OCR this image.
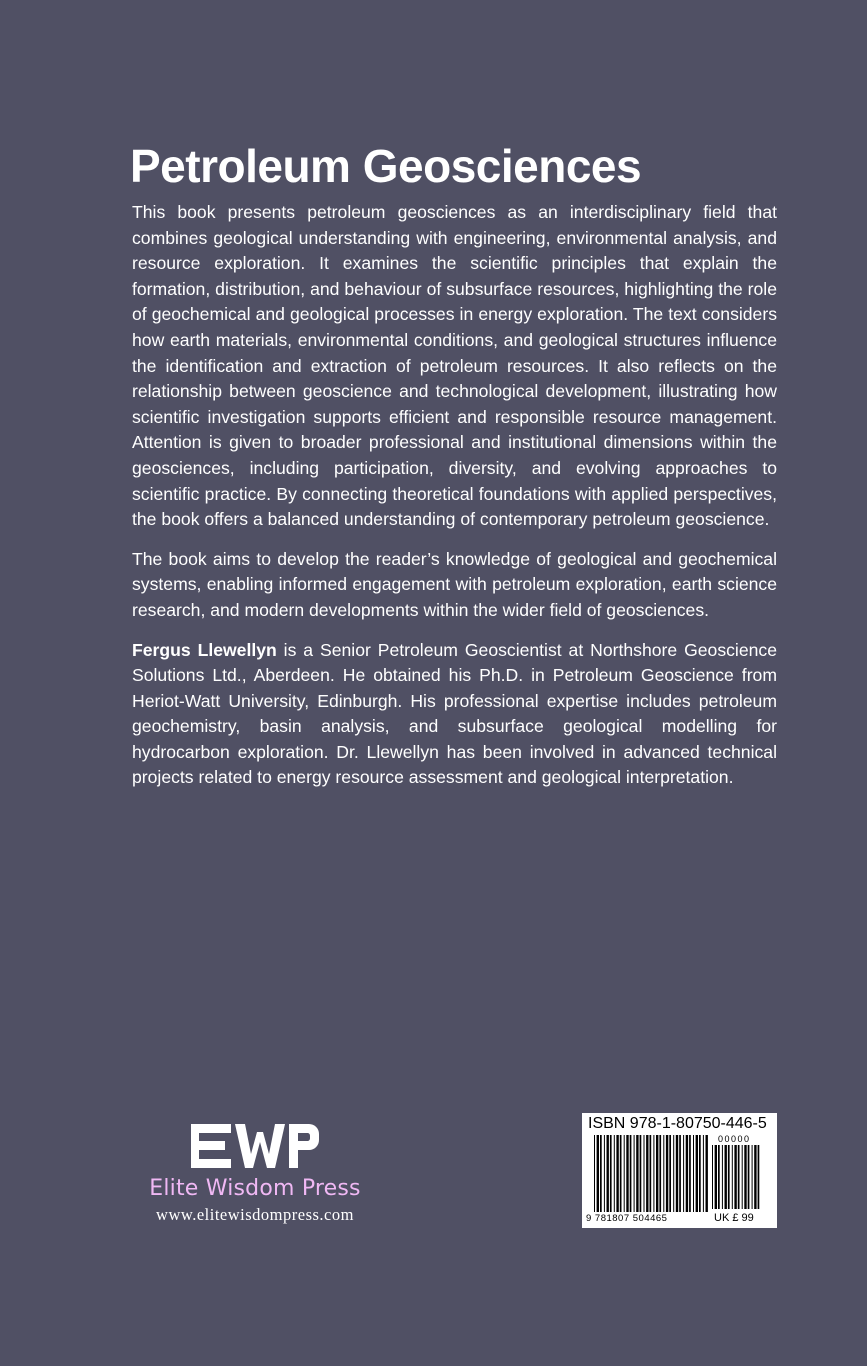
Petroleum Geosciences

This book presents petroleum geosciences as an interdisciplinary field that combines geological understanding with engineering, environmental analysis, and resource exploration. It examines the scientific principles that explain the formation, distribution, and behaviour of subsurface resources, highlighting the role of geochemical and geological processes in energy exploration. The text considers how earth materials, environmental conditions, and geological structures influence the identification and extraction of petroleum resources. It also reflects on the relationship between geoscience and technological development, illustrating how scientific investigation supports efficient and responsible resource management. Attention is given to broader professional and institutional dimensions within the geosciences, including participation, diversity, and evolving approaches to scientific practice. By connecting theoretical foundations with applied perspectives, the book offers a balanced understanding of contemporary petroleum geoscience.

The book aims to develop the reader’s knowledge of geological and geochemical systems, enabling informed engagement with petroleum exploration, earth science research, and modern developments within the wider field of geosciences.

Fergus Llewellyn is a Senior Petroleum Geoscientist at Northshore Geoscience Solutions Ltd., Aberdeen. He obtained his Ph.D. in Petroleum Geoscience from Heriot-Watt University, Edinburgh. His professional expertise includes petroleum geochemistry, basin analysis, and subsurface geological modelling for hydrocarbon exploration. Dr. Llewellyn has been involved in advanced technical projects related to energy resource assessment and geological interpretation.

Elite Wisdom Press
www.elitewisdompress.com
ISBN 978-1-80750-446-5
00000
9 781807 504465	UK £ 99
